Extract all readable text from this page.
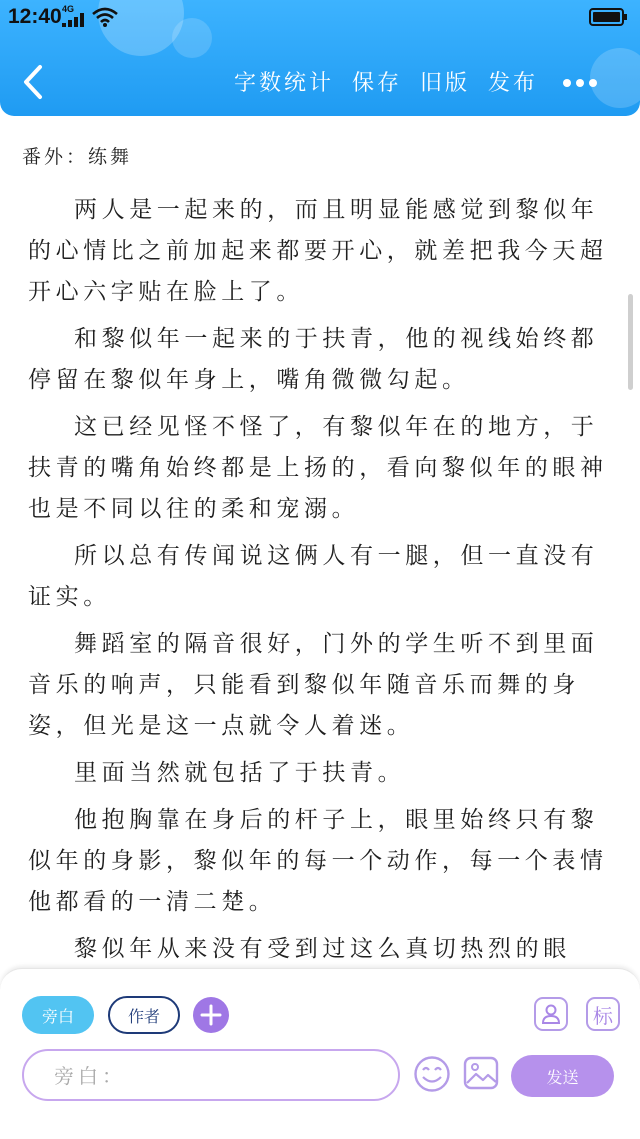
12:40 4G
字数统计 保存 旧版 发布
番外：练舞

两人是一起来的，而且明显能感觉到黎似年的心情比之前加起来都要开心，就差把我今天超开心六字贴在脸上了。

和黎似年一起来的于扶青，他的视线始终都停留在黎似年身上，嘴角微微勾起。

这已经见怪不怪了，有黎似年在的地方，于扶青的嘴角始终都是上扬的，看向黎似年的眼神也是不同以往的柔和宠溺。

所以总有传闻说这俩人有一腿，但一直没有证实。

舞蹈室的隔音很好，门外的学生听不到里面音乐的响声，只能看到黎似年随音乐而舞的身姿，但光是这一点就令人着迷。

里面当然就包括了于扶青。

他抱胸靠在身后的杆子上，眼里始终只有黎似年的身影，黎似年的每一个动作，每一个表情他都看的一清二楚。

黎似年从来没有受到过这么真切热烈的眼

旁白	作者	标
旁白：
发送
